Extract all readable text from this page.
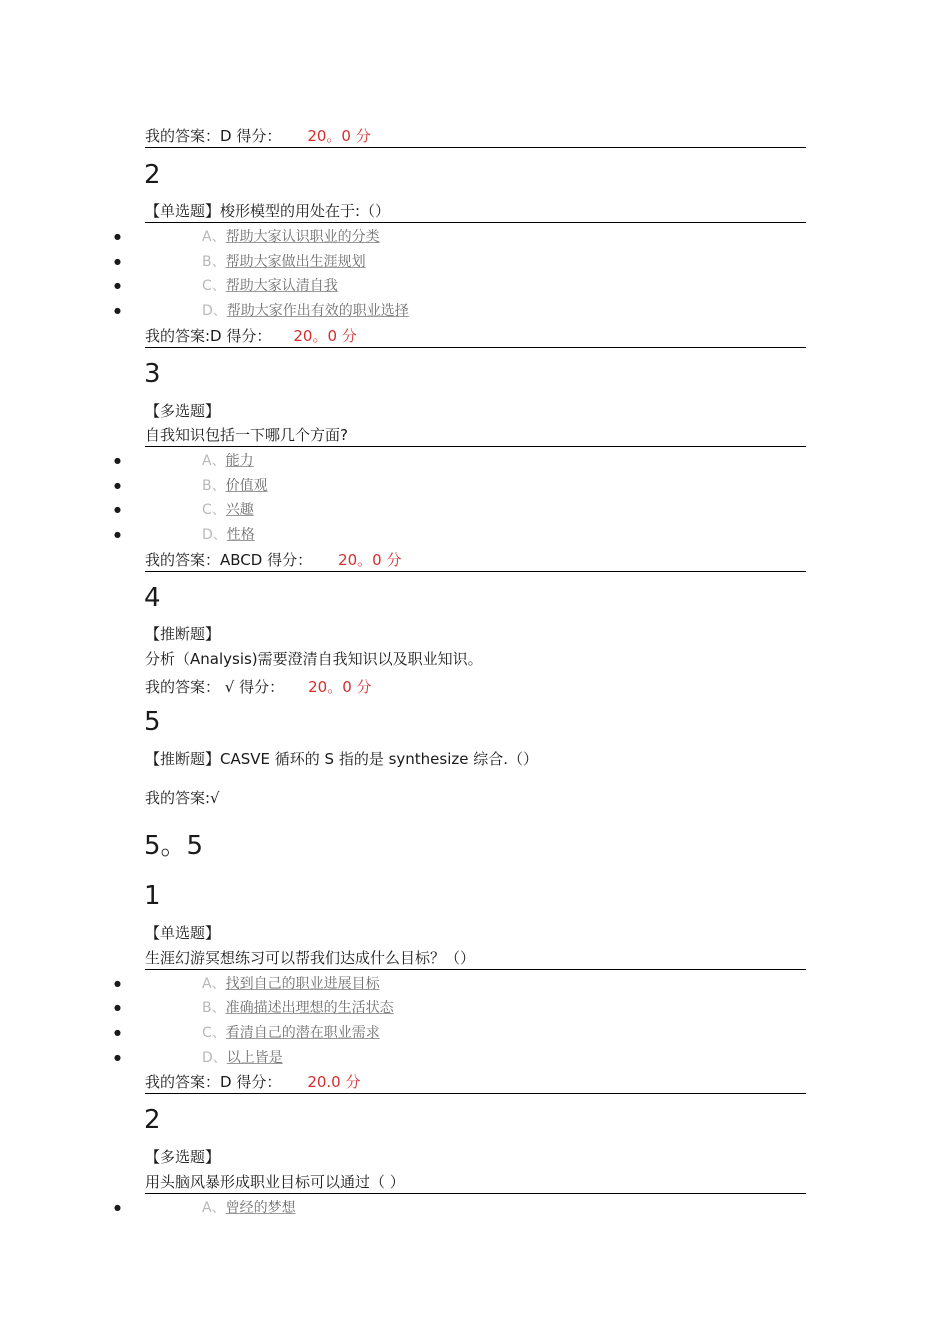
我的答案：D 得分： 20。0 分
2
【单选题】梭形模型的用处在于:（）
●	A、帮助大家认识职业的分类
●	B、帮助大家做出生涯规划
●	C、帮助大家认清自我
●	D、帮助大家作出有效的职业选择
我的答案:D 得分： 20。0 分
3
【多选题】
自我知识包括一下哪几个方面?
●	A、能力
●	B、价值观
●	C、兴趣
●	D、性格
我的答案：ABCD 得分： 20。0 分
4
【推断题】
分析（Analysis)需要澄清自我知识以及职业知识。
我的答案： √ 得分： 20。0 分
5
【推断题】CASVE 循环的 S 指的是 synthesize 综合.（）
我的答案:√
5。5
1
【单选题】
生涯幻游冥想练习可以帮我们达成什么目标？（）
●	A、找到自己的职业进展目标
●	B、准确描述出理想的生活状态
●	C、看清自己的潜在职业需求
●	D、以上皆是
我的答案：D 得分： 20.0 分
2
【多选题】
用头脑风暴形成职业目标可以通过（ ）
●	A、曾经的梦想
